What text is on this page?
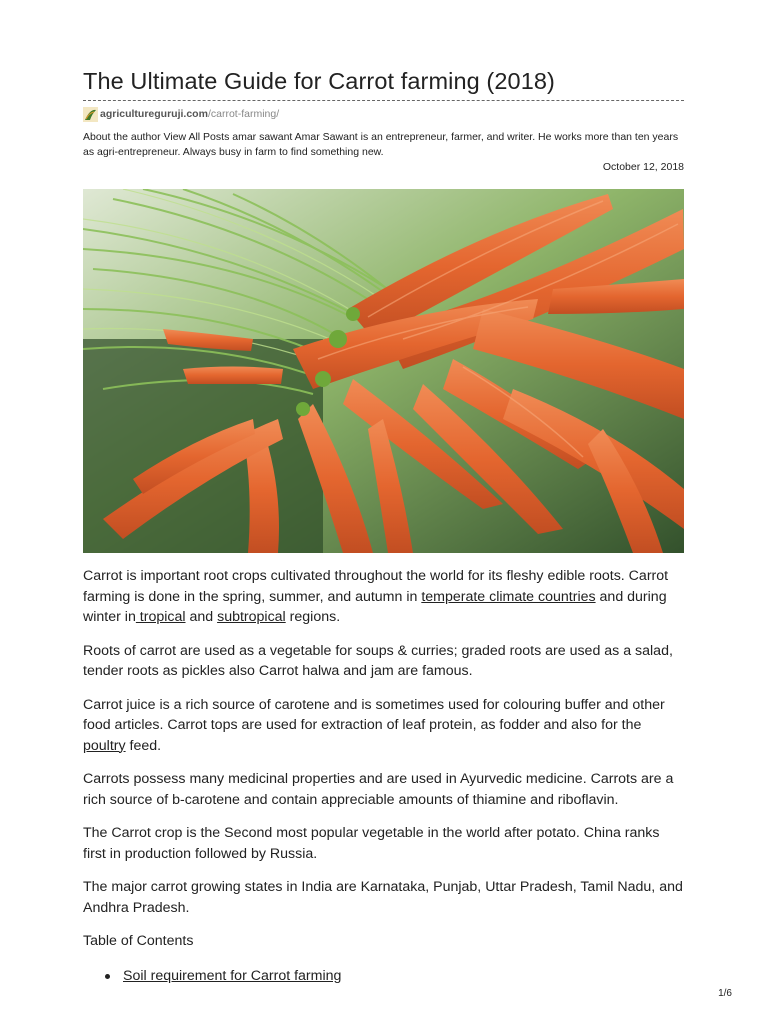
The Ultimate Guide for Carrot farming (2018)
agricultureguruji.com /carrot-farming/
About the author View All Posts amar sawant Amar Sawant is an entrepreneur, farmer, and writer. He works more than ten years as agri-entrepreneur. Always busy in farm to find something new.
October 12, 2018

Carrot is important root crops cultivated throughout the world for its fleshy edible roots. Carrot farming is done in the spring, summer, and autumn in temperate climate countries and during winter in tropical and subtropical regions.

Roots of carrot are used as a vegetable for soups & curries; graded roots are used as a salad, tender roots as pickles also Carrot halwa and jam are famous.

Carrot juice is a rich source of carotene and is sometimes used for colouring buffer and other food articles. Carrot tops are used for extraction of leaf protein, as fodder and also for the poultry feed.

Carrots possess many medicinal properties and are used in Ayurvedic medicine. Carrots are a rich source of b-carotene and contain appreciable amounts of thiamine and riboflavin.

The Carrot crop is the Second most popular vegetable in the world after potato. China ranks first in production followed by Russia.

The major carrot growing states in India are Karnataka, Punjab, Uttar Pradesh, Tamil Nadu, and Andhra Pradesh.

Table of Contents
Soil requirement for Carrot farming
1/6
